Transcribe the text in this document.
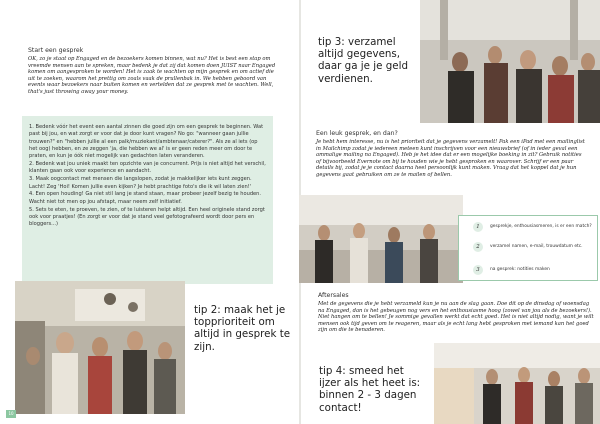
Start een gesprek
OK, zo je staat op Engaged en de bezoekers komen binnen, wat nu? Het is best een stap om vreemde mensen aan te spreken, maar bedenk je dat zij dat komen doen JUIST naar Engaged komen om aangesproken te worden! Het is zaak te wachten op mijn gesprek en om actief die uit te zoeken, waarom het prettig om zoals vaak de prullenbak in. We hebben geboord van events waar bezoekers naar buiten komen en vertelden dat ze gesprek met te wachten. Well, that's just throwing away your money.

1. Bedenk vóór het event een aantal zinnen die goed zijn om een gesprek te beginnen. Wat past bij jou, en wat zorgt er voor dat je door kunt vragen? No go: "wanneer gaan jullie trouwen?" en "hebben jullie al een palk/muziekant/ambtenaar/caterer?". Als ze al iets (op het oog) hebben, en ze zeggen 'ja, die hebben we al' is er geen reden meer om door te praten, en kun je óók niet mogelijk van gedachten laten veranderen.

2. Bedenk wat jou uniek maakt ten opzichte van je concurrent. Prijs is niet altijd het verschil, klanten gaan ook voor experience en aandacht.

3. Maak oogcontact met mensen die langslopen, zodat je makkelijker iets kunt zeggen. Lacht! Zeg 'Hoi! Komen jullie even kijken? Je hebt prachtige foto's die ik wil laten zien!'

4. Een open houding! Ga niet stil lang je stand staan, maar probeer jezelf bezig te houden. Wacht niet tot men op jou afstapt, maar neem zelf initiatief.

5. Sets te eten, te proeven, te zien, of te luisteren helpt altijd. Een heel originele stand zorgt ook voor praatjes! (En zorgt er voor dat je stand veel gefotografeerd wordt door pers en bloggers...)

tip 2: maak het je topprioriteit om altijd in gesprek te zijn.
10
tip 3: verzamel altijd gegevens, daar ga je je geld verdienen.
Een leuk gesprek, en dan?
Je hebt hem interesse, nu is het prioriteit dat je gegevens verzamelt! Pak een iPad met een mailinglist in Mailchimp zodat je iedereen meteen kunt inschrijven voor een nieuwsbrief (of in ieder geval een ammalige mailing na Engaged). Heb je het idee dat er een mogelijke boeking in zit? Gebruik notities of bijvoorbeeld Evernote om bij te houden wie je hebt gesproken en waarover. Schrijf er een paar details bij, zodat je je contact daarna heel persoonlijk kunt maken. Vraag dat het koppel dat je hun gegevens gaat gebruiken om ze te mailen of bellen.
1	gesprekje, enthousiasmeren, is er een match?
2	verzamel namen, e-mail, trouwdatum etc.
3	na gesprek: notities maken
Aftersales
Met de gegevens die je hebt verzameld kun je nu aan de slag gaan. Doe dit op de dinsdag of woensdag na Engaged, dan is het gebeugen nog vers en het enthousiasme hoog (zowel van jou als de bezoekers!). Niet hangen om te bellen! Je sommige gevallen werkt dat echt goed. Het is niet altijd nodig, want je wilt mensen ook tijd geven om te reageren, maar als je echt lang hebt gesproken met iemand kan het goed zijn om die te benaderen.
tip 4: smeed het ijzer als het heet is: binnen 2 - 3 dagen contact!
